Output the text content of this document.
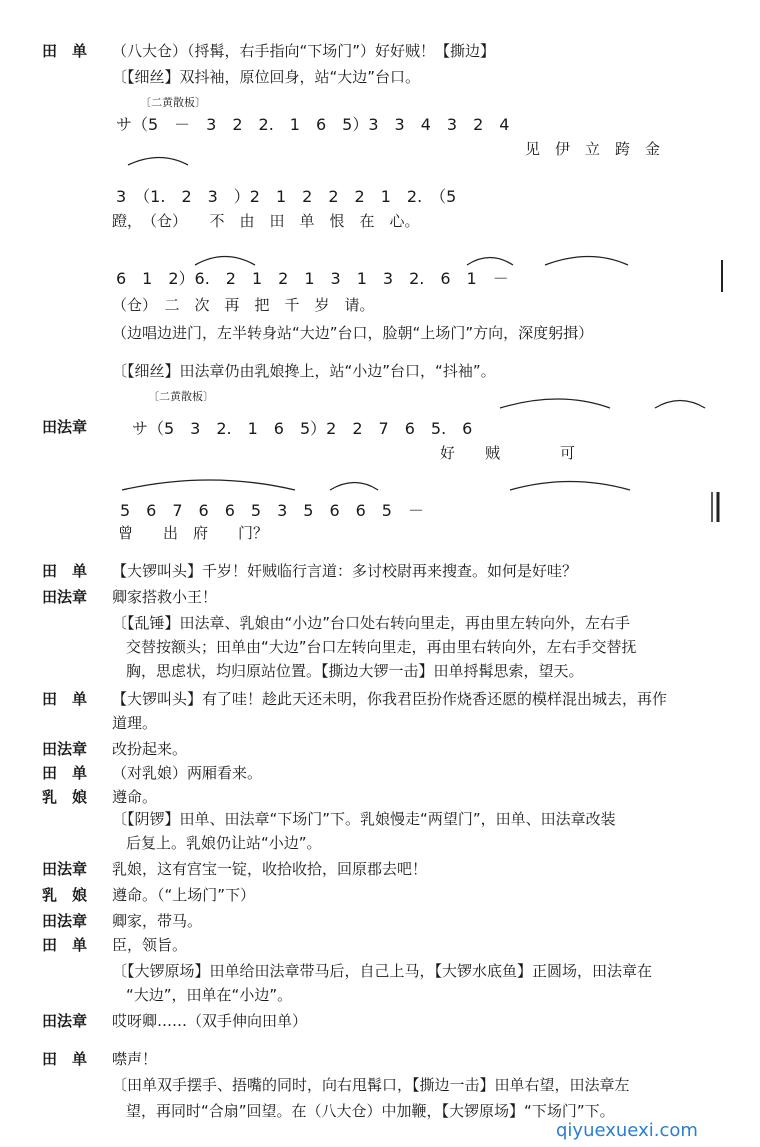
田　单 （八大仓）（捋髯，右手指向“下场门”）好好贼！【撕边】
〔【细丝】双抖袖，原位回身，站“大边”台口。
〔二黄散板〕
サ（5　－　3　2　2.　1　6　5）3　3　4　3　2　4
见　伊　立　跨　金
3　（1.　2　3　）2　1　2　2　2　1　2.　（5
蹬，　（仓）　　不　由　田　单　恨　在　心。
6　1　2）6.　2　1　2　1　3　1　3　2.　6　1　－
（仓）　二　次　再　把　千　岁　请。
（边唱边进门，左半转身站“大边”台口，脸朝“上场门”方向，深度躬揖）
〔【细丝】田法章仍由乳娘搀上，站“小边”台口，“抖袖”。
〔二黄散板〕
田法章	サ（5　3　2.　1　6　5）2　2　7　6　5.　6
好　　贼　　　　可
5　6　7　6　6　5　3　5　6　6　5　－
曾　　出　府　　门？
田　单 【大锣叫头】千岁！奸贼临行言道：多讨校尉再来搜查。如何是好哇？
田法章 卿家搭救小王！
〔【乱锤】田法章、乳娘由“小边”台口处右转向里走，再由里左转向外，左右手
交替按额头；田单由“大边”台口左转向里走，再由里右转向外，左右手交替抚
胸，思虑状，均归原站位置。【撕边大锣一击】田单捋髯思索，望天。
田　单 【大锣叫头】有了哇！趁此天还未明，你我君臣扮作烧香还愿的模样混出城去，再作
道理。
田法章 改扮起来。
田　单 （对乳娘）两厢看来。
乳　娘 遵命。
〔【阴锣】田单、田法章“下场门”下。乳娘慢走“两望门”，田单、田法章改装
后复上。乳娘仍让站“小边”。
田法章 乳娘，这有宫宝一锭，收拾收拾，回原郡去吧！
乳　娘 遵命。（“上场门”下）
田法章 卿家，带马。
田　单 臣，领旨。
〔【大锣原场】田单给田法章带马后，自己上马，【大锣水底鱼】正圆场，田法章在
“大边”，田单在“小边”。
田法章 哎呀卿……（双手伸向田单）
田　单 噤声！
〔田单双手摆手、捂嘴的同时，向右甩髯口，【撕边一击】田单右望，田法章左
望，再同时“合扇”回望。在（八大仓）中加鞭，【大锣原场】“下场门”下。
qiyuexuexi.com
